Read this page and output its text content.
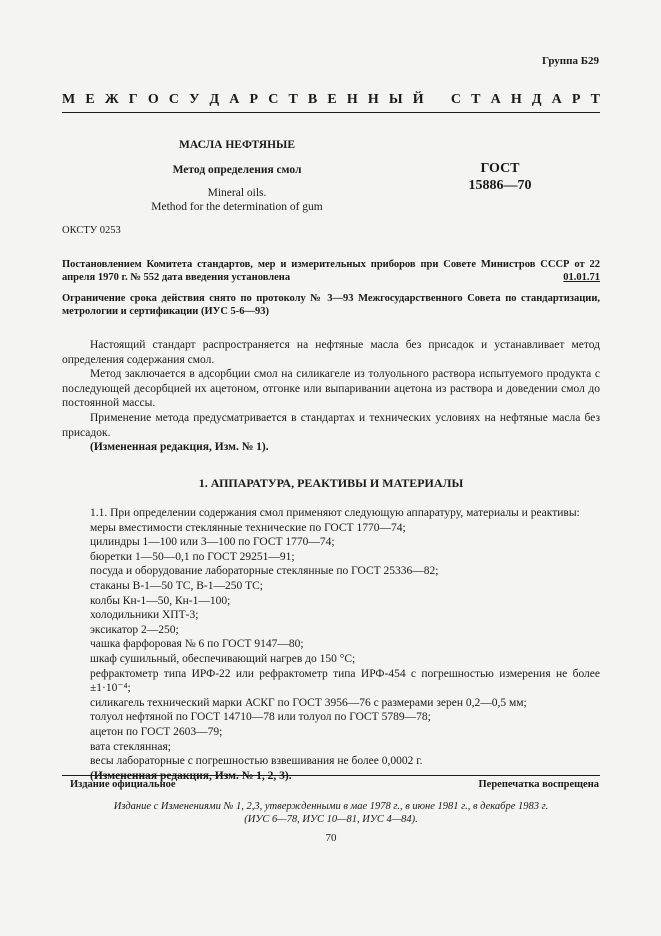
Группа Б29
М Е Ж Г О С У Д А Р С Т В Е Н Н Ы Й
С Т А Н Д А Р Т
МАСЛА НЕФТЯНЫЕ
Метод определения смол
Mineral oils.
Method for the determination of gum
ГОСТ
15886—70
ОКСТУ 0253
Постановлением Комитета стандартов, мер и измерительных приборов при Совете Министров СССР от 22 апреля 1970 г. № 552 дата введения установлена	01.01.71
Ограничение срока действия снято по протоколу № 3—93 Межгосударственного Совета по стандартизации, метрологии и сертификации (ИУС 5-6—93)

Настоящий стандарт распространяется на нефтяные масла без присадок и устанавливает метод определения содержания смол.

Метод заключается в адсорбции смол на силикагеле из толуольного раствора испытуемого продукта с последующей десорбцией их ацетоном, отгонке или выпаривании ацетона из раствора и доведении смол до постоянной массы.

Применение метода предусматривается в стандартах и технических условиях на нефтяные масла без присадок.

(Измененная редакция, Изм. № 1).

1. АППАРАТУРА, РЕАКТИВЫ И МАТЕРИАЛЫ

1.1. При определении содержания смол применяют следующую аппаратуру, материалы и реактивы:

меры вместимости стеклянные технические по ГОСТ 1770—74;

цилиндры 1—100 или 3—100 по ГОСТ 1770—74;

бюретки 1—50—0,1 по ГОСТ 29251—91;

посуда и оборудование лабораторные стеклянные по ГОСТ 25336—82;

стаканы В-1—50 ТС, В-1—250 ТС;

колбы Кн-1—50, Кн-1—100;

холодильники ХПТ-3;

эксикатор 2—250;

чашка фарфоровая № 6 по ГОСТ 9147—80;

шкаф сушильный, обеспечивающий нагрев до 150 °С;

рефрактометр типа ИРФ-22 или рефрактометр типа ИРФ-454 с погрешностью измерения не более ±1·10⁻⁴;

силикагель технический марки АСКГ по ГОСТ 3956—76 с размерами зерен 0,2—0,5 мм;

толуол нефтяной по ГОСТ 14710—78 или толуол по ГОСТ 5789—78;

ацетон по ГОСТ 2603—79;

вата стеклянная;

весы лабораторные с погрешностью взвешивания не более 0,0002 г.

(Измененная редакция, Изм. № 1, 2, 3).

Издание официальное	Перепечатка воспрещена
Издание с Изменениями № 1, 2,3, утвержденными в мае 1978 г., в июне 1981 г., в декабре 1983 г.
(ИУС 6—78, ИУС 10—81, ИУС 4—84).
70
